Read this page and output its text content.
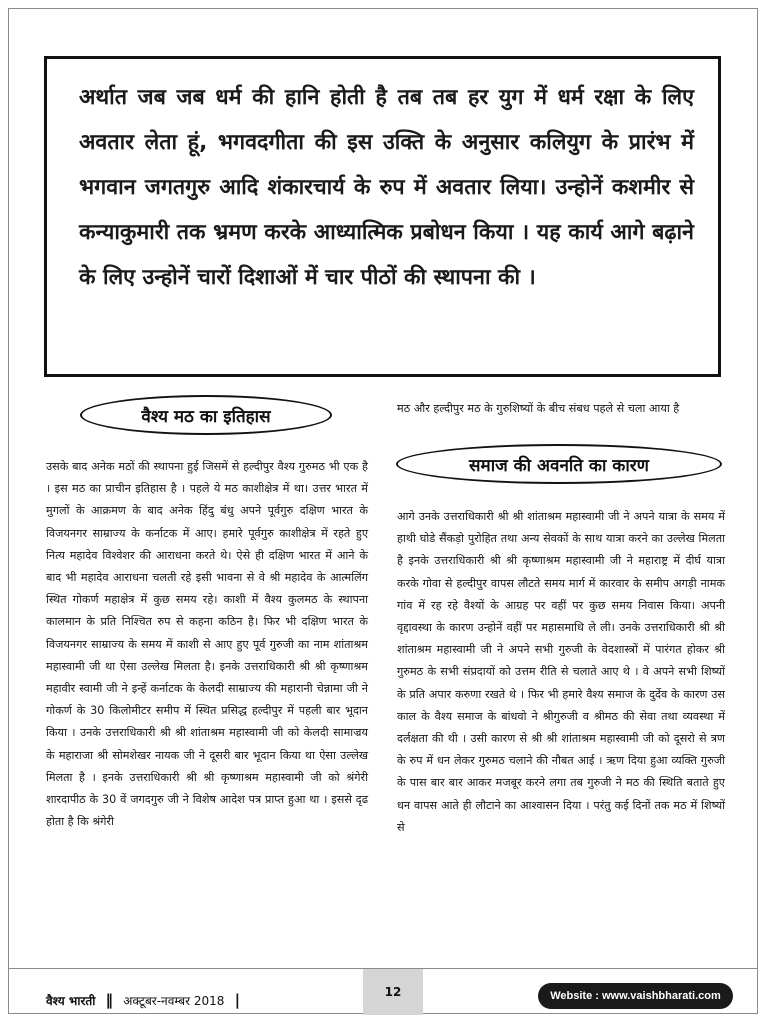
अर्थात जब जब धर्म की हानि होती है तब तब हर युग में धर्म रक्षा के लिए अवतार लेता हूं, भगवदगीता की इस उक्ति के अनुसार कलियुग के प्रारंभ में भगवान जगतगुरु आदि शंकारचार्य के रुप में अवतार लिया। उन्होनें कशमीर से कन्याकुमारी तक भ्रमण करके आध्यात्मिक प्रबोधन किया । यह कार्य आगे बढ़ाने के लिए उन्होनें चारों दिशाओं में चार पीठों की स्थापना की ।

वैश्य मठ का इतिहास

उसके बाद अनेक मठों की स्थापना हुई जिसमें से हल्दीपुर वैश्य गुरुमठ भी एक है । इस मठ का प्राचीन इतिहास है । पहले ये मठ काशीक्षेत्र में था। उत्तर भारत में मुगलों के आक्रमण के बाद अनेक हिंदु बंधु अपने पूर्वगुरु दक्षिण भारत के विजयनगर साम्राज्य के कर्नाटक में आए। हमारे पूर्वगुरु काशीक्षेत्र में रहते हुए नित्य महादेव विश्वेशर की आराधना करते थे। ऐसे ही दक्षिण भारत में आने के बाद भी महादेव आराधना चलती रहे इसी भावना से वे श्री महादेव के आत्मलिंग स्थित गोकर्ण महाक्षेत्र में कुछ समय रहे। काशी में वैश्य कुलमठ के स्थापना कालमान के प्रति निश्चित रुप से कहना कठिन है। फिर भी दक्षिण भारत के विजयनगर साम्राज्य के समय में काशी से आए हुए पूर्व गुरुजी का नाम शांताश्रम महास्वामी जी था ऐसा उल्लेख मिलता है। इनके उत्तराधिकारी श्री श्री कृष्णाश्रम महावीर स्वामी जी ने इन्हें कर्नाटक के केलदी साम्राज्य की महारानी चेन्नामा जी ने गोकर्ण के 30 किलोमीटर समीप में स्थित प्रसिद्ध हल्दीपुर में पहली बार भूदान किया । उनके उत्तराधिकारी श्री श्री शांताश्रम महास्वामी जी को केलदी सामाज्रय के महाराजा श्री सोमशेखर नायक जी ने दूसरी बार भूदान किया था ऐसा उल्लेख मिलता है । इनके उत्तराधिकारी श्री श्री कृष्णाश्रम महास्वामी जी को श्रंगेरी शारदापीठ के 30 वें जगदगुरु जी ने विशेष आदेश पत्र प्राप्त हुआ था । इससे दृढ होता है कि श्रंगेरी

मठ और हल्दीपुर मठ के गुरुशिष्यों के बीच संबध पहले से चला आया है

समाज की अवनति का कारण

आगे उनके उत्तराधिकारी श्री श्री शांताश्रम महास्वामी जी ने अपने यात्रा के समय में हाथी घोडे सैंकड़ो पुरोहित तथा अन्य सेवकों के साथ यात्रा करने का उल्लेख मिलता है इनके उत्तराधिकारी श्री श्री कृष्णाश्रम महास्वामी जी ने महाराष्ट्र में दीर्घ यात्रा करके गोवा से हल्दीपुर वापस लौटते समय मार्ग में कारवार के समीप अगड़ी नामक गांव में रह रहे वैश्यों के आग्रह पर वहीं पर कुछ समय निवास किया। अपनी वृद्दावस्था के कारण उन्होनें वहीं पर महासमाधि ले ली। उनके उत्तराधिकारी श्री श्री शांताश्रम महास्वामी जी ने अपने सभी गुरुजी के वेदशास्त्रों में पारंगत होकर श्री गुरुमठ के सभी संप्रदायों को उत्तम रीति से चलाते आए थे । वे अपने सभी शिष्यों के प्रति अपार करुणा रखते थे । फिर भी हमारे वैश्य समाज के दुर्देव के कारण उस काल के वैश्य समाज के बांधवो ने श्रीगुरुजी व श्रीमठ की सेवा तथा व्यवस्था में दर्लक्षता की थी । उसी कारण से श्री श्री शांताश्रम महास्वामी जी को दूसरो से त्रण के रुप में धन लेकर गुरुमठ चलाने की नौबत आई । ऋण दिया हुआ व्यक्ति गुरुजी के पास बार बार आकर मजबूर करने लगा तब गुरुजी ने मठ की स्थिति बताते हुए धन वापस आते ही लौटाने का आश्वासन दिया । परंतु कई दिनों तक मठ में शिष्यों से

वैश्य भारती ‖ अक्टूबर-नवम्बर 2018 |	12	Website : www.vaishbharati.com
